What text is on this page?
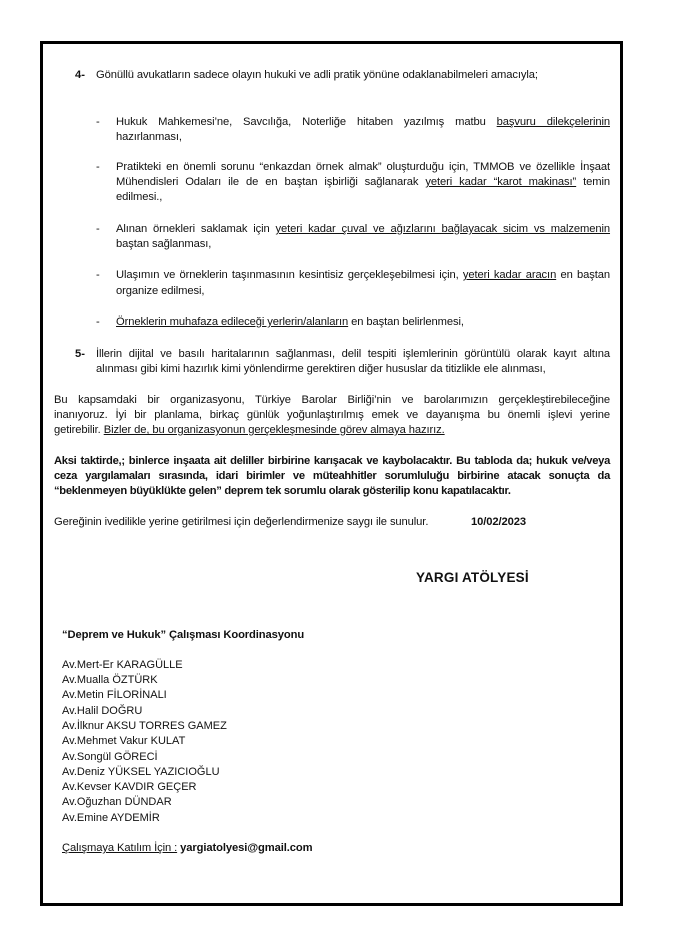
4- Gönüllü avukatların sadece olayın hukuki ve adli pratik yönüne odaklanabilmeleri amacıyla;
- Hukuk Mahkemesi’ne, Savcılığa, Noterliğe hitaben yazılmış matbu başvuru dilekçelerinin
hazırlanması,
- Pratikteki en önemli sorunu “enkazdan örnek almak” oluşturduğu için, TMMOB ve özellikle İnşaat
Mühendisleri Odaları ile de en baştan işbirliği sağlanarak yeteri kadar “karot makinası” temin
edilmesi.,
- Alınan örnekleri saklamak için yeteri kadar çuval ve ağızlarını bağlayacak sicim vs malzemenin
baştan sağlanması,
- Ulaşımın ve örneklerin taşınmasının kesintisiz gerçekleşebilmesi için, yeteri kadar aracın en baştan
organize edilmesi,
- Örneklerin muhafaza edileceği yerlerin/alanların en baştan belirlenmesi,
5- İllerin dijital ve basılı haritalarının sağlanması, delil tespiti işlemlerinin görüntülü olarak kayıt altına
alınması gibi kimi hazırlık kimi yönlendirme gerektiren diğer hususlar da titizlikle ele alınması,
Bu kapsamdaki bir organizasyonu, Türkiye Barolar Birliği’nin ve barolarımızın gerçekleştirebileceğine
inanıyoruz. İyi bir planlama, birkaç günlük yoğunlaştırılmış emek ve dayanışma bu önemli işlevi yerine
getirebilir. Bizler de, bu organizasyonun gerçekleşmesinde görev almaya hazırız.
Aksi taktirde,; binlerce inşaata ait deliller birbirine karışacak ve kaybolacaktır. Bu tabloda da; hukuk ve/veya
ceza yargılamaları sırasında, idari birimler ve müteahhitler sorumluluğu birbirine atacak sonuçta da
“beklenmeyen büyüklükte gelen” deprem tek sorumlu olarak gösterilip konu kapatılacaktır.
Gereğinin ivedilikle yerine getirilmesi için değerlendirmenize saygı ile sunulur.	10/02/2023
YARGI ATÖLYESİ
“Deprem ve Hukuk” Çalışması Koordinasyonu
Av.Mert-Er KARAGÜLLE
Av.Mualla ÖZTÜRK
Av.Metin FİLORİNALI
Av.Halil DOĞRU
Av.İlknur AKSU TORRES GAMEZ
Av.Mehmet Vakur KULAT
Av.Songül GÖRECİ
Av.Deniz YÜKSEL YAZICIOĞLU
Av.Kevser KAVDIR GEÇER
Av.Oğuzhan DÜNDAR
Av.Emine AYDEMİR
Çalışmaya Katılım İçin : yargiatolyesi@gmail.com
